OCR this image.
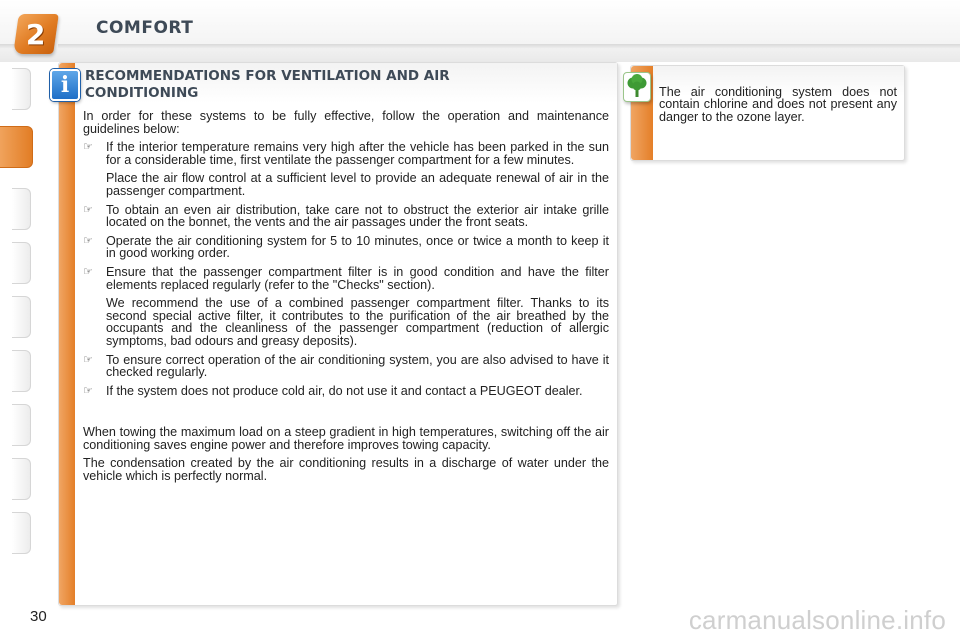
2	COMFORT
i	RECOMMENDATIONS FOR VENTILATION AND AIR
CONDITIONING

In order for these systems to be fully effective, follow the operation and maintenance guidelines below:

☞ If the interior temperature remains very high after the vehicle has been parked in the sun for a considerable time, first ventilate the passenger compartment for a few minutes.

Place the air flow control at a sufficient level to provide an adequate renewal of air in the passenger compartment.

☞ To obtain an even air distribution, take care not to obstruct the exterior air intake grille located on the bonnet, the vents and the air passages under the front seats.
☞ Operate the air conditioning system for 5 to 10 minutes, once or twice a month to keep it in good working order.
☞ Ensure that the passenger compartment filter is in good condition and have the filter elements replaced regularly (refer to the "Checks" section).

We recommend the use of a combined passenger compartment filter. Thanks to its second special active filter, it contributes to the purification of the air breathed by the occupants and the cleanliness of the passenger compartment (reduction of allergic symptoms, bad odours and greasy deposits).

☞ To ensure correct operation of the air conditioning system, you are also advised to have it checked regularly.
☞ If the system does not produce cold air, do not use it and contact a PEUGEOT dealer.

When towing the maximum load on a steep gradient in high temperatures, switching off the air conditioning saves engine power and therefore improves towing capacity.

The condensation created by the air conditioning results in a discharge of water under the vehicle which is perfectly normal.

The air conditioning system does not contain chlorine and does not present any danger to the ozone layer.

30	carmanualsonline.info
